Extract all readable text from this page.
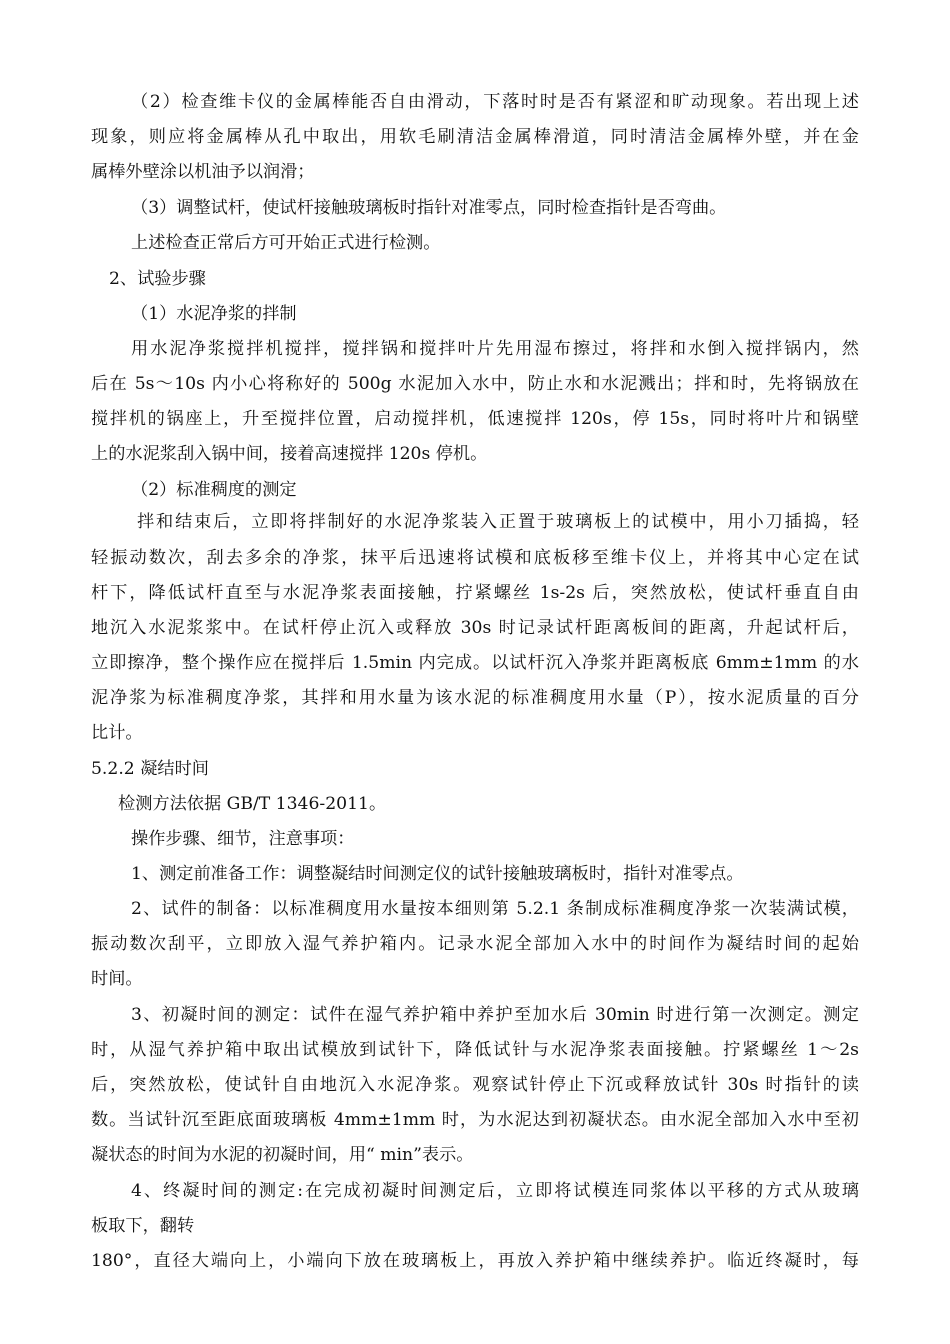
（2）检查维卡仪的金属棒能否自由滑动，下落时时是否有紧涩和旷动现象。若出现上述
现象，则应将金属棒从孔中取出，用软毛刷清洁金属棒滑道，同时清洁金属棒外壁，并在金
属棒外壁涂以机油予以润滑；
（3）调整试杆，使试杆接触玻璃板时指针对准零点，同时检查指针是否弯曲。
上述检查正常后方可开始正式进行检测。
2、试验步骤
（1）水泥净浆的拌制
用水泥净浆搅拌机搅拌，搅拌锅和搅拌叶片先用湿布擦过，将拌和水倒入搅拌锅内，然
后在 5s～10s 内小心将称好的 500g 水泥加入水中，防止水和水泥溅出；拌和时，先将锅放在
搅拌机的锅座上，升至搅拌位置，启动搅拌机，低速搅拌 120s，停 15s，同时将叶片和锅壁
上的水泥浆刮入锅中间，接着高速搅拌 120s 停机。
（2）标准稠度的测定
拌和结束后，立即将拌制好的水泥净浆装入正置于玻璃板上的试模中，用小刀插捣，轻
轻振动数次，刮去多余的净浆，抹平后迅速将试模和底板移至维卡仪上，并将其中心定在试
杆下，降低试杆直至与水泥净浆表面接触，拧紧螺丝 1s-2s 后，突然放松，使试杆垂直自由
地沉入水泥浆浆中。在试杆停止沉入或释放 30s 时记录试杆距离板间的距离，升起试杆后，
立即擦净，整个操作应在搅拌后 1.5min 内完成。以试杆沉入净浆并距离板底 6mm±1mm 的水
泥净浆为标准稠度净浆，其拌和用水量为该水泥的标准稠度用水量（P），按水泥质量的百分
比计。
5.2.2 凝结时间
检测方法依据 GB/T 1346-2011。
操作步骤、细节，注意事项：
1、测定前准备工作：调整凝结时间测定仪的试针接触玻璃板时，指针对准零点。
2、试件的制备：以标准稠度用水量按本细则第 5.2.1 条制成标准稠度净浆一次装满试模，
振动数次刮平，立即放入湿气养护箱内。记录水泥全部加入水中的时间作为凝结时间的起始
时间。
3、初凝时间的测定：试件在湿气养护箱中养护至加水后 30min 时进行第一次测定。测定
时，从湿气养护箱中取出试模放到试针下，降低试针与水泥净浆表面接触。拧紧螺丝 1～2s
后，突然放松，使试针自由地沉入水泥净浆。观察试针停止下沉或释放试针 30s 时指针的读
数。当试针沉至距底面玻璃板 4mm±1mm 时，为水泥达到初凝状态。由水泥全部加入水中至初
凝状态的时间为水泥的初凝时间，用“ min”表示。
4、终凝时间的测定:在完成初凝时间测定后，立即将试模连同浆体以平移的方式从玻璃
板取下，翻转
180°，直径大端向上，小端向下放在玻璃板上，再放入养护箱中继续养护。临近终凝时，每
